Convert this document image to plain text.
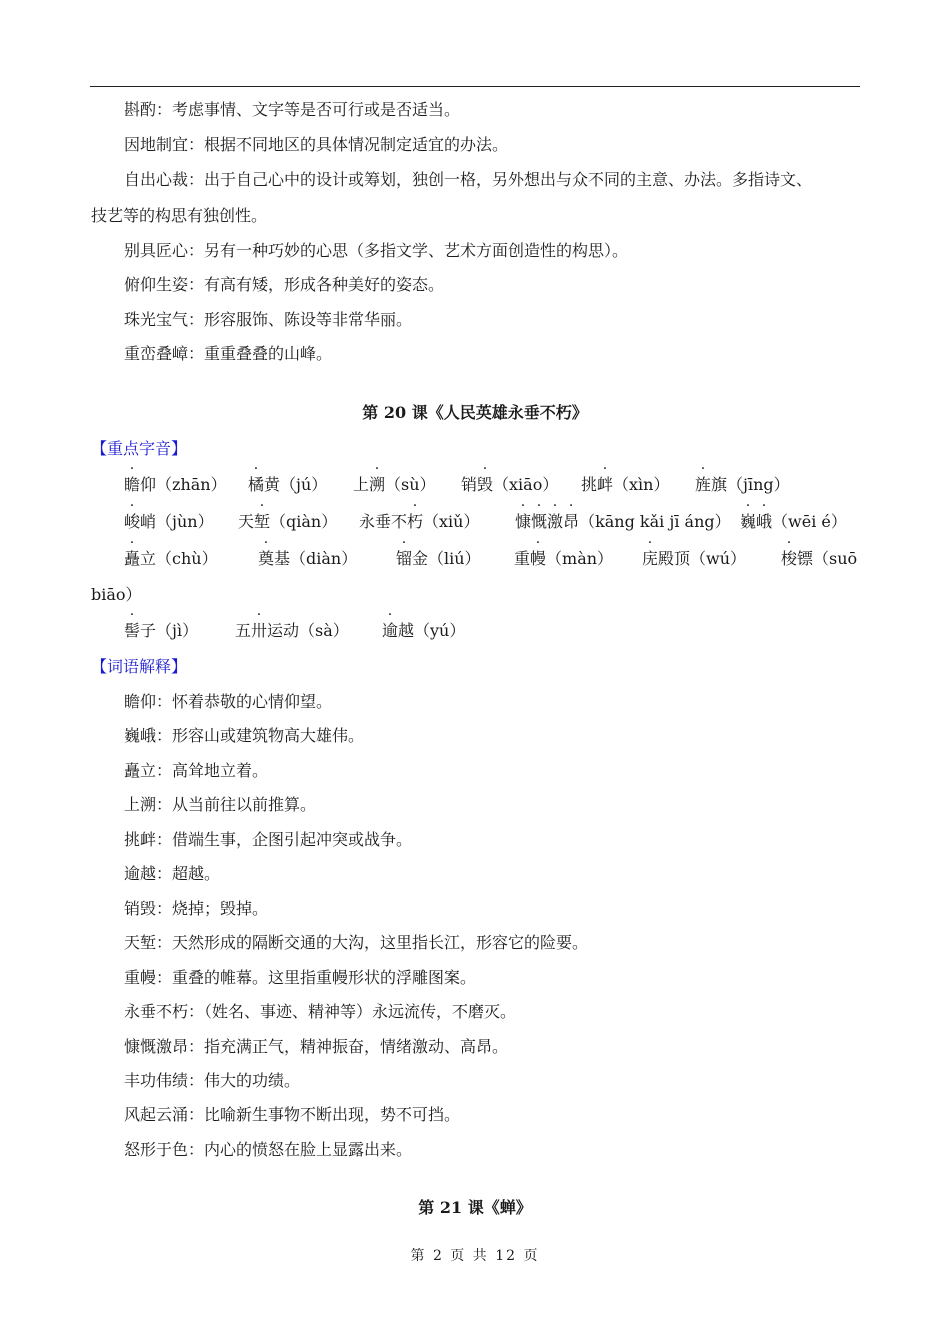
斟酌：考虑事情、文字等是否可行或是否适当。
因地制宜：根据不同地区的具体情况制定适宜的办法。
自出心裁：出于自己心中的设计或筹划，独创一格，另外想出与众不同的主意、办法。多指诗文、
技艺等的构思有独创性。
别具匠心：另有一种巧妙的心思（多指文学、艺术方面创造性的构思）。
俯仰生姿：有高有矮，形成各种美好的姿态。
珠光宝气：形容服饰、陈设等非常华丽。
重峦叠嶂：重重叠叠的山峰。
第 20 课《人民英雄永垂不朽》
【重点字音】
瞻仰（zhān） 橘黄（jú） 上溯（sù） 销毁（xiāo） 挑衅（xìn） 旌旗（jīng）
峻峭（jùn） 天堑（qiàn） 永垂不朽（xiǔ） 慷慨激昂（kāng kǎi jī áng） 巍峨（wēi é）
矗立（chù）	奠基（diàn） 镏金（liú） 重幔（màn） 庑殿顶（wú） 梭镖（suō
biāo）
髻子（jì） 五卅运动（sà） 逾越（yú）
【词语解释】
瞻仰：怀着恭敬的心情仰望。
巍峨：形容山或建筑物高大雄伟。
矗立：高耸地立着。
上溯：从当前往以前推算。
挑衅：借端生事，企图引起冲突或战争。
逾越：超越。
销毁：烧掉；毁掉。
天堑：天然形成的隔断交通的大沟，这里指长江，形容它的险要。
重幔：重叠的帷幕。这里指重幔形状的浮雕图案。
永垂不朽：（姓名、事迹、精神等）永远流传，不磨灭。
慷慨激昂：指充满正气，精神振奋，情绪激动、高昂。
丰功伟绩：伟大的功绩。
风起云涌：比喻新生事物不断出现，势不可挡。
怒形于色：内心的愤怒在脸上显露出来。
第 21 课《蝉》
第 2 页 共 12 页
